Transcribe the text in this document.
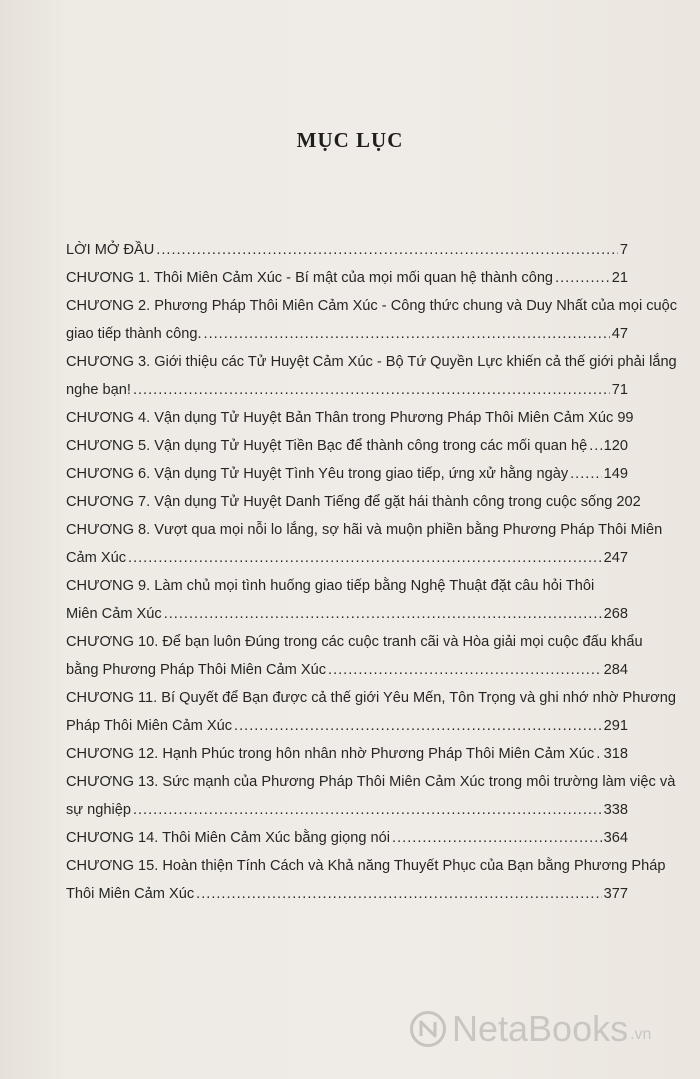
MỤC LỤC
LỜI MỞ ĐẦU .....	7
CHƯƠNG 1. Thôi Miên Cảm Xúc - Bí mật của mọi mối quan hệ thành công .....	21
CHƯƠNG 2. Phương Pháp Thôi Miên Cảm Xúc - Công thức chung và Duy Nhất của mọi cuộc
giao tiếp thành công. .....	47
CHƯƠNG 3. Giới thiệu các Tử Huyệt Cảm Xúc - Bộ Tứ Quyền Lực khiến cả thế giới phải lắng
nghe bạn! .....	71
CHƯƠNG 4. Vận dụng Tử Huyệt Bản Thân trong Phương Pháp Thôi Miên Cảm Xúc 99
CHƯƠNG 5. Vận dụng Tử Huyệt Tiền Bạc để thành công trong các mối quan hệ ..... 120
CHƯƠNG 6. Vận dụng Tử Huyệt Tình Yêu trong giao tiếp, ứng xử hằng ngày ..... 149
CHƯƠNG 7. Vận dụng Tử Huyệt Danh Tiếng để gặt hái thành công trong cuộc sống 202
CHƯƠNG 8. Vượt qua mọi nỗi lo lắng, sợ hãi và muộn phiền bằng Phương Pháp Thôi Miên
Cảm Xúc .....	247
CHƯƠNG 9. Làm chủ mọi tình huống giao tiếp bằng Nghệ Thuật đặt câu hỏi Thôi
Miên Cảm Xúc .....	268
CHƯƠNG 10. Để bạn luôn Đúng trong các cuộc tranh cãi và Hòa giải mọi cuộc đấu khẩu
bằng Phương Pháp Thôi Miên Cảm Xúc .....	284
CHƯƠNG 11. Bí Quyết để Bạn được cả thế giới Yêu Mến, Tôn Trọng và ghi nhớ nhờ Phương
Pháp Thôi Miên Cảm Xúc .....	291
CHƯƠNG 12. Hạnh Phúc trong hôn nhân nhờ Phương Pháp Thôi Miên Cảm Xúc ..... 318
CHƯƠNG 13. Sức mạnh của Phương Pháp Thôi Miên Cảm Xúc trong môi trường làm việc và
sự nghiệp .....	338
CHƯƠNG 14. Thôi Miên Cảm Xúc bằng giọng nói .....	364
CHƯƠNG 15. Hoàn thiện Tính Cách và Khả năng Thuyết Phục của Bạn bằng Phương Pháp
Thôi Miên Cảm Xúc .....	377
NetaBooks .vn
